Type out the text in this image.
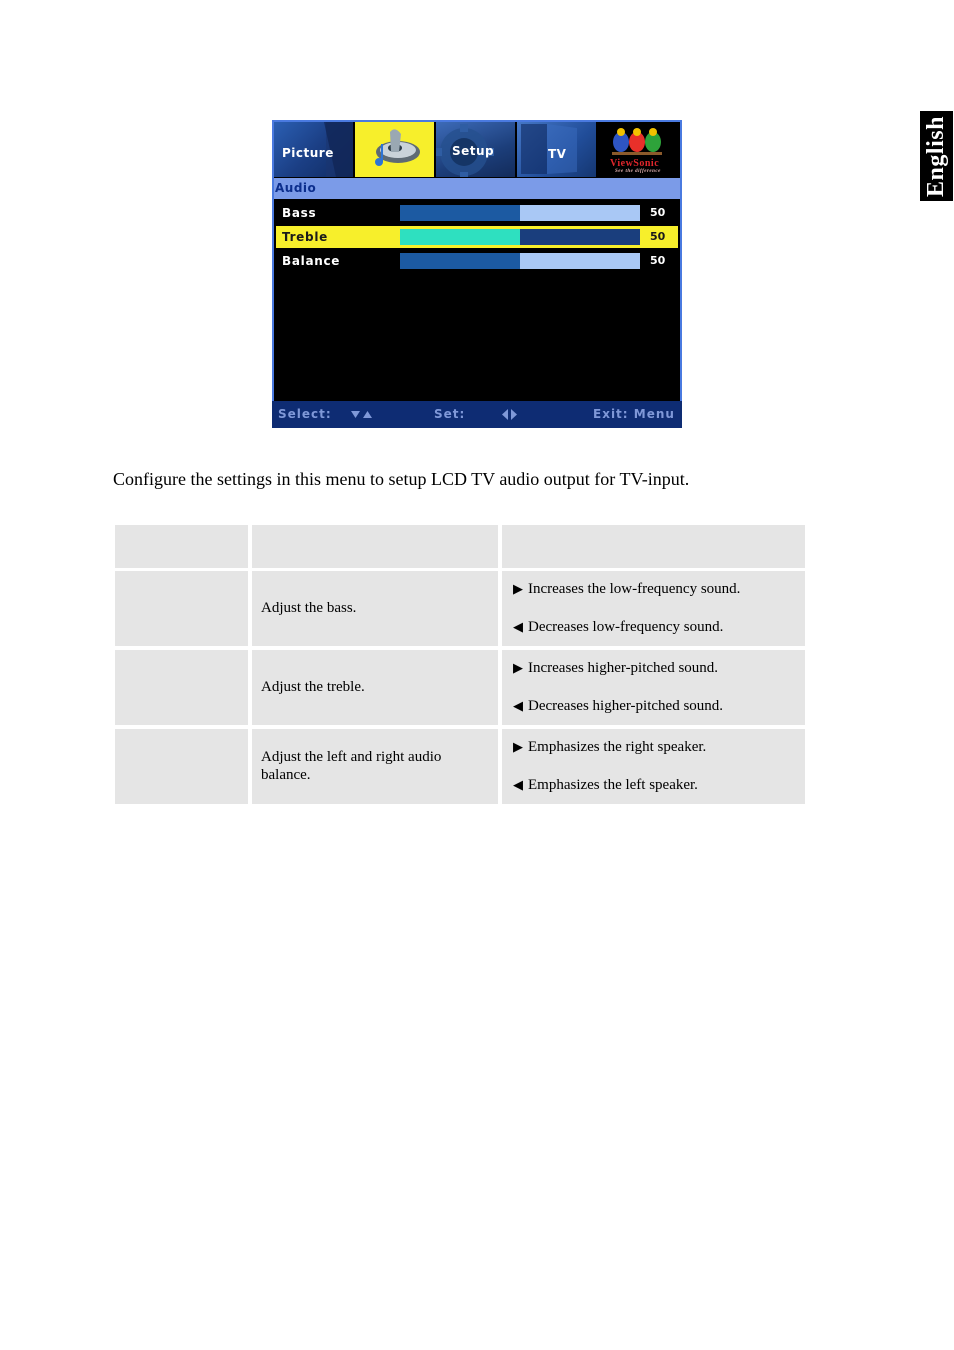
English
Picture	Setup	TV
ViewSonic
See the difference
Audio
Bass	50
Treble	50
Balance	50
Select:	Set:	Exit: Menu

Configure the settings in this menu to setup LCD TV audio output for TV-input.

Adjust the bass.
▶ Increases the low-frequency sound.
◀ Decreases low-frequency sound.
Adjust the treble.
▶ Increases higher-pitched sound.
◀ Decreases higher-pitched sound.
Adjust the left and right audio balance.
▶ Emphasizes the right speaker.
◀ Emphasizes the left speaker.
